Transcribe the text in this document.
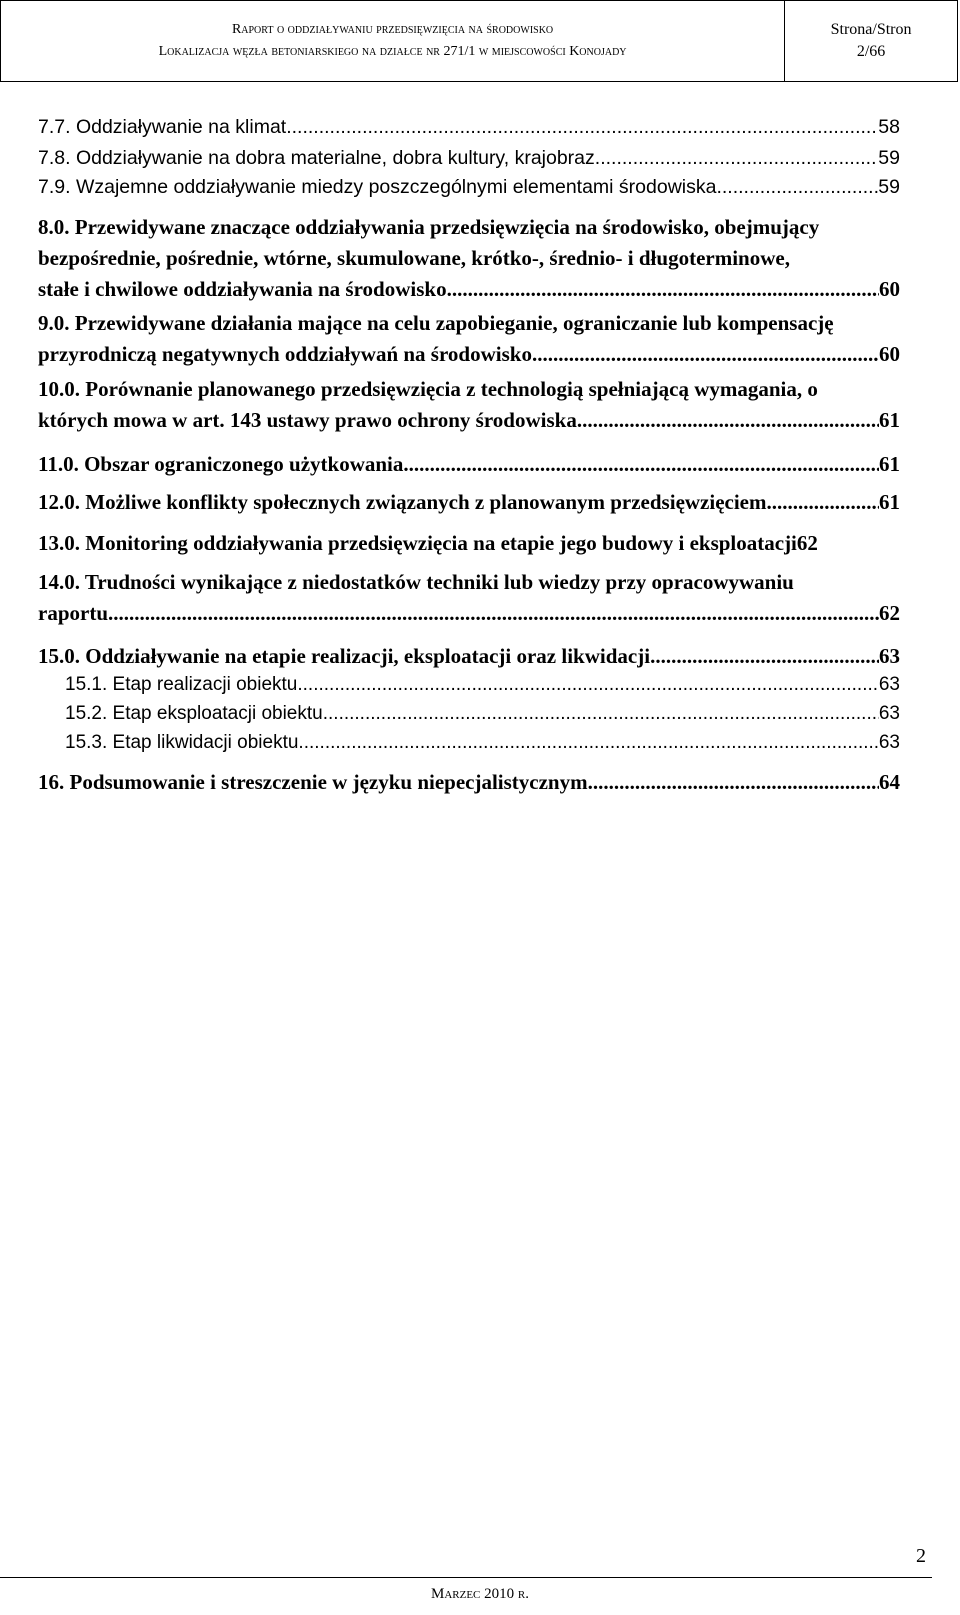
Raport o oddziaływaniu przedsięwzięcia na środowisko
Lokalizacja węzła betoniarskiego na działce nr 271/1 w miejscowości Konojady

Strona/Stron
2/66
7.7. Oddziaływanie na klimat .....	58
7.8. Oddziaływanie na dobra materialne, dobra kultury, krajobraz .....	59
7.9. Wzajemne oddziaływanie miedzy poszczególnymi elementami środowiska .....	59
8.0. Przewidywane znaczące oddziaływania przedsięwzięcia na środowisko, obejmujący
bezpośrednie, pośrednie, wtórne, skumulowane, krótko-, średnio- i długoterminowe,
stałe i chwilowe oddziaływania na środowisko .....	60
9.0. Przewidywane działania mające na celu zapobieganie, ograniczanie lub kompensację
przyrodniczą negatywnych oddziaływań na środowisko .....	60
10.0. Porównanie planowanego przedsięwzięcia z technologią spełniającą wymagania, o
których mowa w art. 143 ustawy prawo ochrony środowiska .....	61
11.0. Obszar ograniczonego użytkowania .....	61
12.0. Możliwe konflikty społecznych związanych z planowanym przedsięwzięciem .....	61
13.0. Monitoring oddziaływania przedsięwzięcia na etapie jego budowy i eksploatacji 62
14.0. Trudności wynikające z niedostatków techniki lub wiedzy przy opracowywaniu
raportu .....	62
15.0. Oddziaływanie na etapie realizacji, eksploatacji oraz likwidacji .....	63
15.1. Etap realizacji obiektu .....	63
15.2. Etap eksploatacji obiektu .....	63
15.3. Etap likwidacji obiektu .....	63
16. Podsumowanie i streszczenie w języku niepecjalistycznym .....	64
2
Marzec 2010 r.
